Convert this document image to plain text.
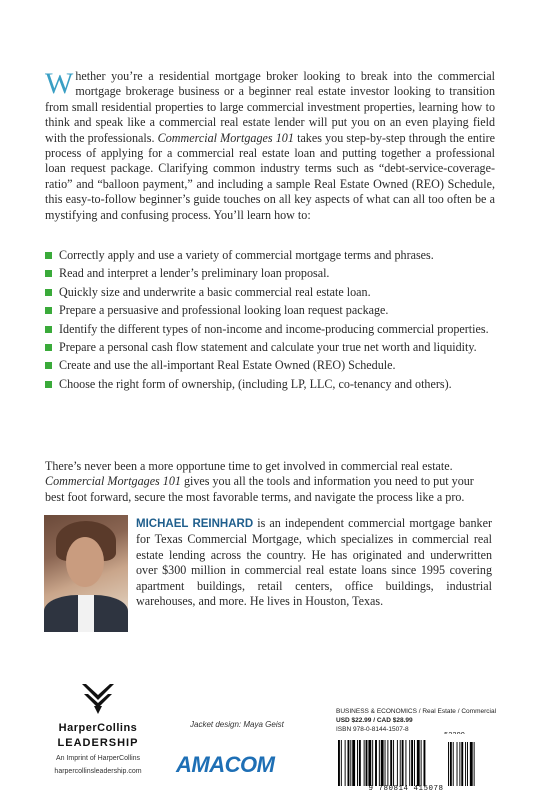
Whether you’re a residential mortgage broker looking to break into the commercial mortgage brokerage business or a beginner real estate investor looking to transition from small residential properties to large commercial investment properties, learning how to think and speak like a commercial real estate lender will put you on an even playing field with the professionals. Commercial Mortgages 101 takes you step-by-step through the entire process of applying for a commercial real estate loan and putting together a professional loan request package. Clarifying common industry terms such as “debt-service-coverage-ratio” and “balloon payment,” and including a sample Real Estate Owned (REO) Schedule, this easy-to-follow beginner’s guide touches on all key aspects of what can all too often be a mystifying and confusing process. You’ll learn how to:
Correctly apply and use a variety of commercial mortgage terms and phrases.
Read and interpret a lender’s preliminary loan proposal.
Quickly size and underwrite a basic commercial real estate loan.
Prepare a persuasive and professional looking loan request package.
Identify the different types of non-income and income-producing commercial properties.
Prepare a personal cash flow statement and calculate your true net worth and liquidity.
Create and use the all-important Real Estate Owned (REO) Schedule.
Choose the right form of ownership, (including LP, LLC, co-tenancy and others).
There’s never been a more opportune time to get involved in commercial real estate. Commercial Mortgages 101 gives you all the tools and information you need to put your best foot forward, secure the most favorable terms, and navigate the process like a pro.
MICHAEL REINHARD is an independent commercial mortgage banker for Texas Commercial Mortgage, which specializes in commercial real estate lending across the country. He has originated and underwritten over $300 million in commercial real estate loans since 1995 covering apartment buildings, retail centers, office buildings, industrial warehouses, and more. He lives in Houston, Texas.
HarperCollins
LEADERSHIP
An Imprint of HarperCollins
harpercollinsleadership.com
Jacket design: Maya Geist
AMACOM
BUSINESS & ECONOMICS / Real Estate / Commercial
USD $22.99 / CAD $28.99
ISBN 978-0-8144-1507-8
52299
9 780814 415078
